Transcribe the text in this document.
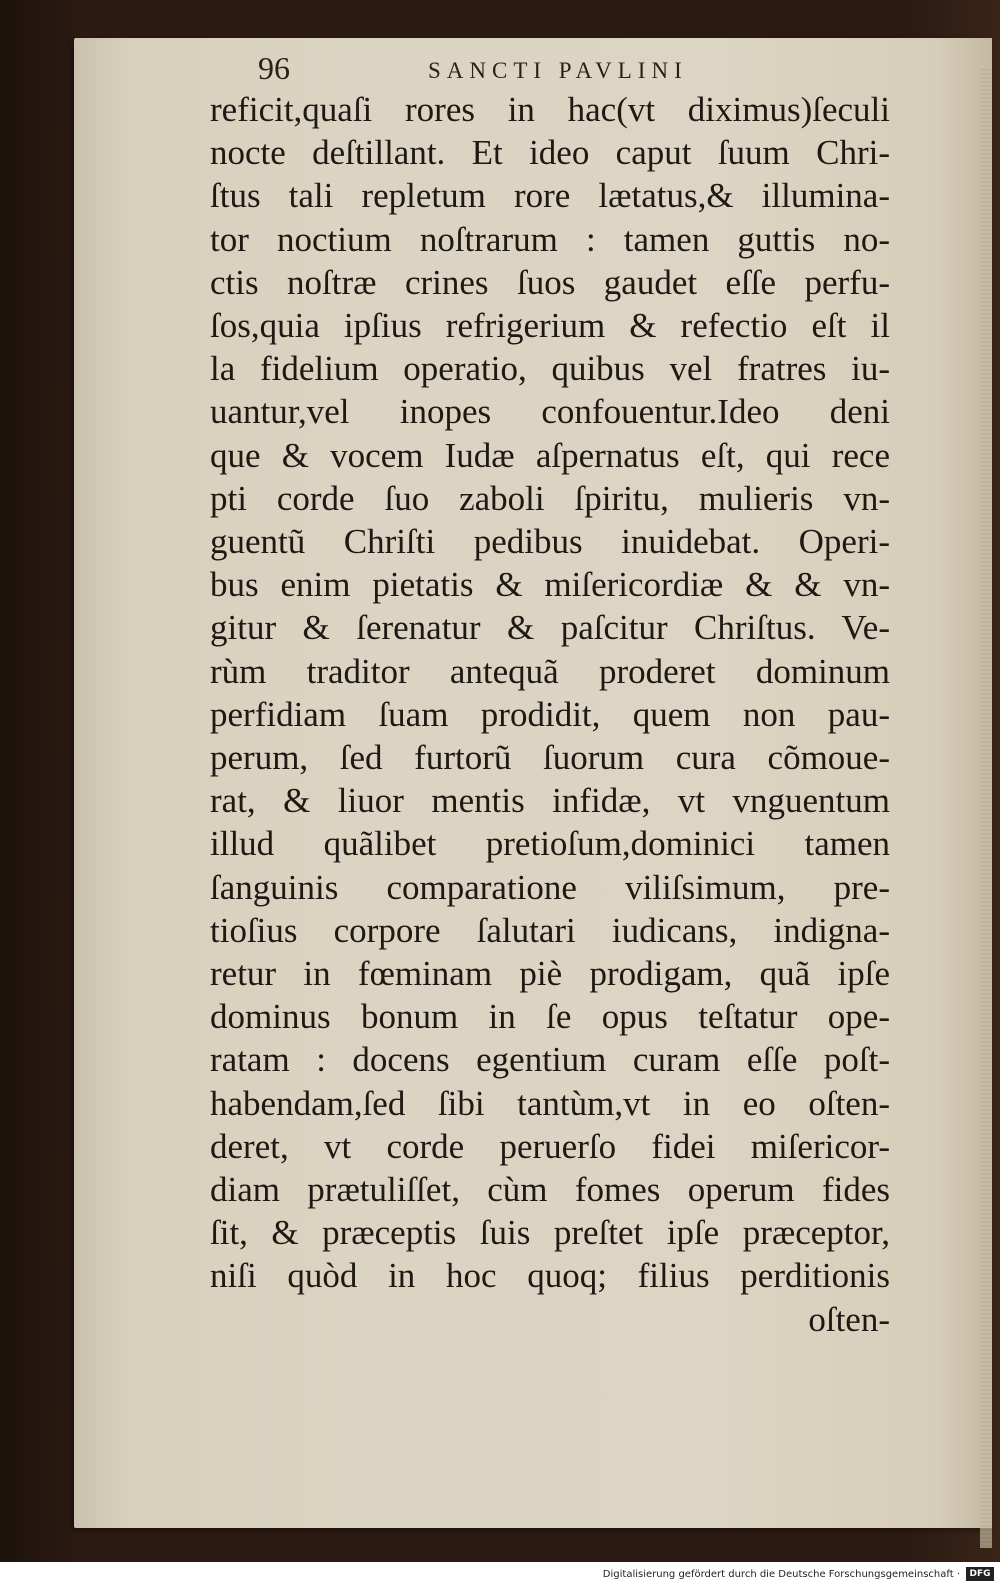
96	SANCTI PAVLINI
reficit,quaſi rores in hac(vt diximus)ſeculi
nocte deſtillant. Et ideo caput ſuum Chri-
ſtus tali repletum rore lætatus,& illumina-
tor noctium noſtrarum : tamen guttis no-
ctis noſtræ crines ſuos gaudet eſſe perfu-
ſos,quia ipſius refrigerium & refectio eſt il
la fidelium operatio, quibus vel fratres iu-
uantur,vel inopes confouentur.Ideo deni
que & vocem Iudæ aſpernatus eſt, qui rece
pti corde ſuo zaboli ſpiritu, mulieris vn-
guentũ Chriſti pedibus inuidebat. Operi-
bus enim pietatis & miſericordiæ & & vn-
gitur & ſerenatur & paſcitur Chriſtus. Ve-
rùm traditor antequã proderet dominum
perfidiam ſuam prodidit, quem non pau-
perum, ſed furtorũ ſuorum cura cõmoue-
rat, & liuor mentis infidæ, vt vnguentum
illud quãlibet pretioſum,dominici tamen
ſanguinis comparatione viliſsimum, pre-
tioſius corpore ſalutari iudicans, indigna-
retur in fœminam piè prodigam, quã ipſe
dominus bonum in ſe opus teſtatur ope-
ratam : docens egentium curam eſſe poſt-
habendam,ſed ſibi tantùm,vt in eo oſten-
deret, vt corde peruerſo fidei miſericor-
diam prætuliſſet, cùm fomes operum fides
ſit, & præceptis ſuis preſtet ipſe præceptor,
niſi quòd in hoc quoq; filius perditionis
oſten-
Digitalisierung gefördert durch die Deutsche Forschungsgemeinschaft ·	DFG
